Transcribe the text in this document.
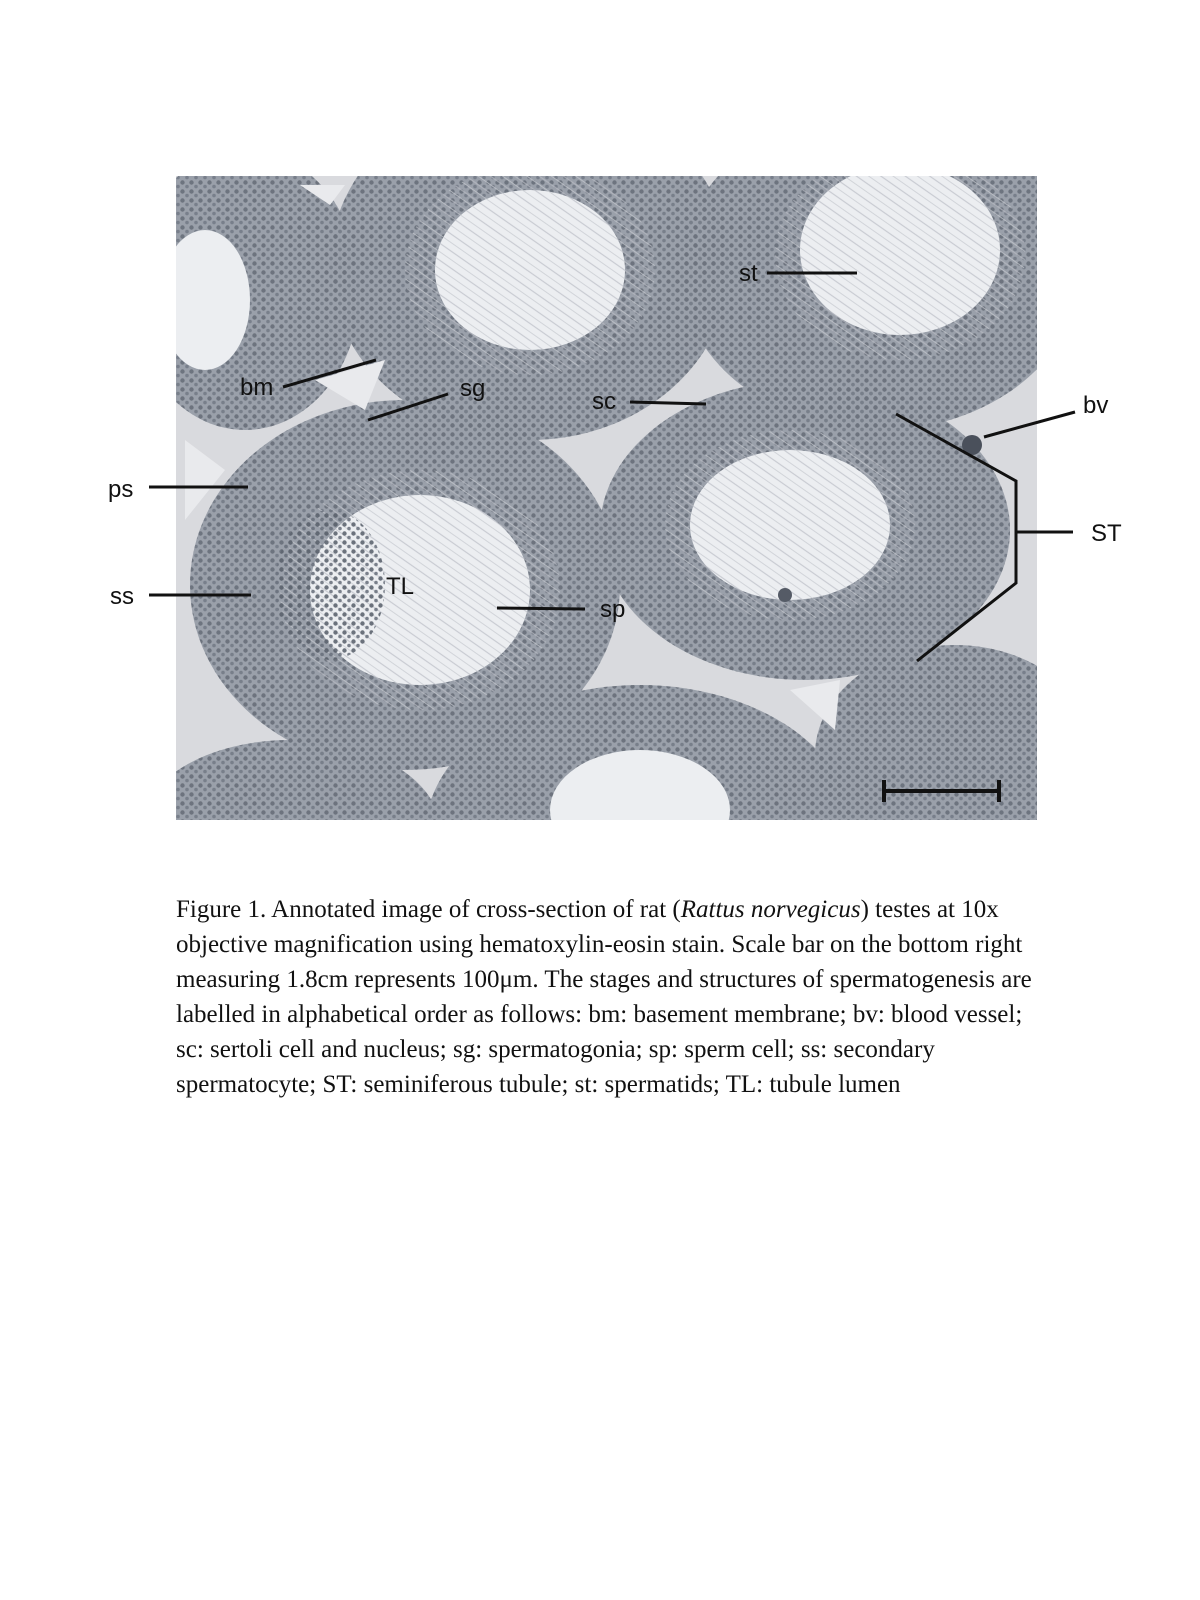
bm	sg	sc
st
bv
ST
ps
ss	TL
sp

Figure 1. Annotated image of cross-section of rat (Rattus norvegicus) testes at 10x objective magnification using hematoxylin-eosin stain. Scale bar on the bottom right measuring 1.8cm represents 100μm. The stages and structures of spermatogenesis are labelled in alphabetical order as follows: bm: basement membrane; bv: blood vessel; sc: sertoli cell and nucleus; sg: spermatogonia; sp: sperm cell; ss: secondary spermatocyte; ST: seminiferous tubule; st: spermatids; TL: tubule lumen
